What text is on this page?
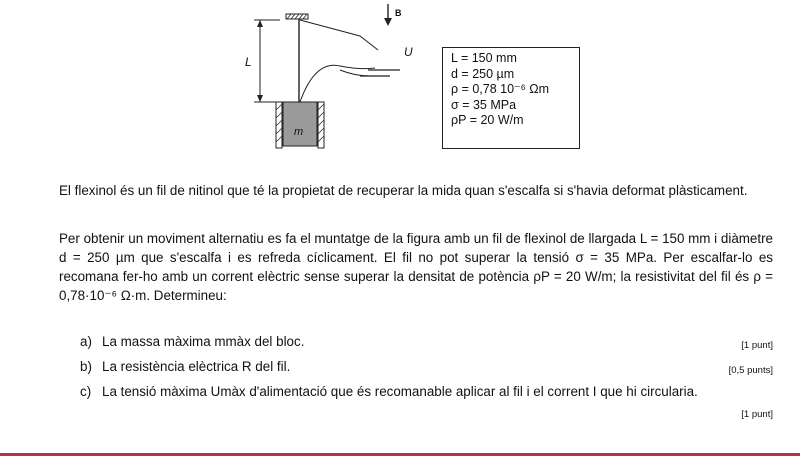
L
U
B
m
L = 150 mm
d = 250 µm
ρ = 0,78 10⁻⁶ Ωm
σ = 35 MPa
ρP = 20 W/m

El flexinol és un fil de nitinol que té la propietat de recuperar la mida quan s'escalfa si s'havia deformat plàsticament.

Per obtenir un moviment alternatiu es fa el muntatge de la figura amb un fil de flexinol de llargada L = 150 mm i diàmetre d = 250 µm que s'escalfa i es refreda cíclicament. El fil no pot superar la tensió σ = 35 MPa. Per escalfar-lo es recomana fer-ho amb un corrent elèctric sense superar la densitat de potència ρP = 20 W/m; la resistivitat del fil és ρ = 0,78·10⁻⁶ Ω·m. Determineu:

a) La massa màxima mmàx del bloc.	[1 punt]
b) La resistència elèctrica R del fil.	[0,5 punts]
c) La tensió màxima Umàx d'alimentació que és recomanable aplicar al fil i el corrent I que hi circularia.
[1 punt]
